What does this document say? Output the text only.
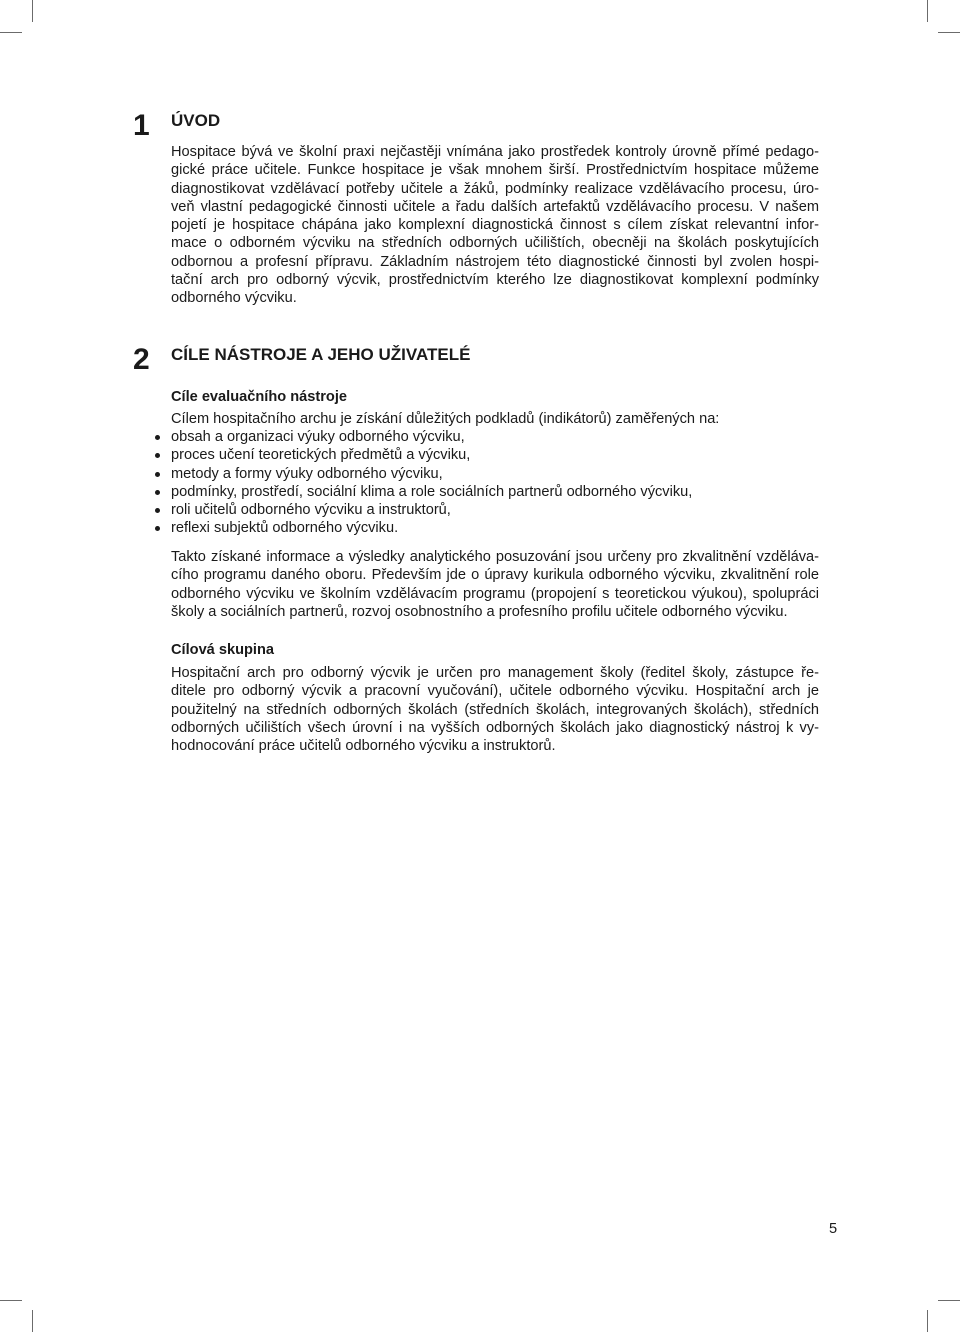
1 ÚVOD
Hospitace bývá ve školní praxi nejčastěji vnímána jako prostředek kontroly úrovně přímé pedago-
gické práce učitele. Funkce hospitace je však mnohem širší. Prostřednictvím hospitace můžeme
diagnostikovat vzdělávací potřeby učitele a žáků, podmínky realizace vzdělávacího procesu, úro-
veň vlastní pedagogické činnosti učitele a řadu dalších artefaktů vzdělávacího procesu. V našem
pojetí je hospitace chápána jako komplexní diagnostická činnost s cílem získat relevantní infor-
mace o odborném výcviku na středních odborných učilištích, obecněji na školách poskytujících
odbornou a profesní přípravu. Základním nástrojem této diagnostické činnosti byl zvolen hospi-
tační arch pro odborný výcvik, prostřednictvím kterého lze diagnostikovat komplexní podmínky
odborného výcviku.
2 CÍLE NÁSTROJE A JEHO UŽIVATELÉ
Cíle evaluačního nástroje
Cílem hospitačního archu je získání důležitých podkladů (indikátorů) zaměřených na:
obsah a organizaci výuky odborného výcviku,
proces učení teoretických předmětů a výcviku,
metody a formy výuky odborného výcviku,
podmínky, prostředí, sociální klima a role sociálních partnerů odborného výcviku,
roli učitelů odborného výcviku a instruktorů,
reflexi subjektů odborného výcviku.
Takto získané informace a výsledky analytického posuzování jsou určeny pro zkvalitnění vzděláva-
cího programu daného oboru. Především jde o úpravy kurikula odborného výcviku, zkvalitnění role
odborného výcviku ve školním vzdělávacím programu (propojení s teoretickou výukou), spolupráci
školy a sociálních partnerů, rozvoj osobnostního a profesního profilu učitele odborného výcviku.
Cílová skupina
Hospitační arch pro odborný výcvik je určen pro management školy (ředitel školy, zástupce ře-
ditele pro odborný výcvik a pracovní vyučování), učitele odborného výcviku. Hospitační arch je
použitelný na středních odborných školách (středních školách, integrovaných školách), středních
odborných učilištích všech úrovní i na vyšších odborných školách jako diagnostický nástroj k vy-
hodnocování práce učitelů odborného výcviku a instruktorů.
5
